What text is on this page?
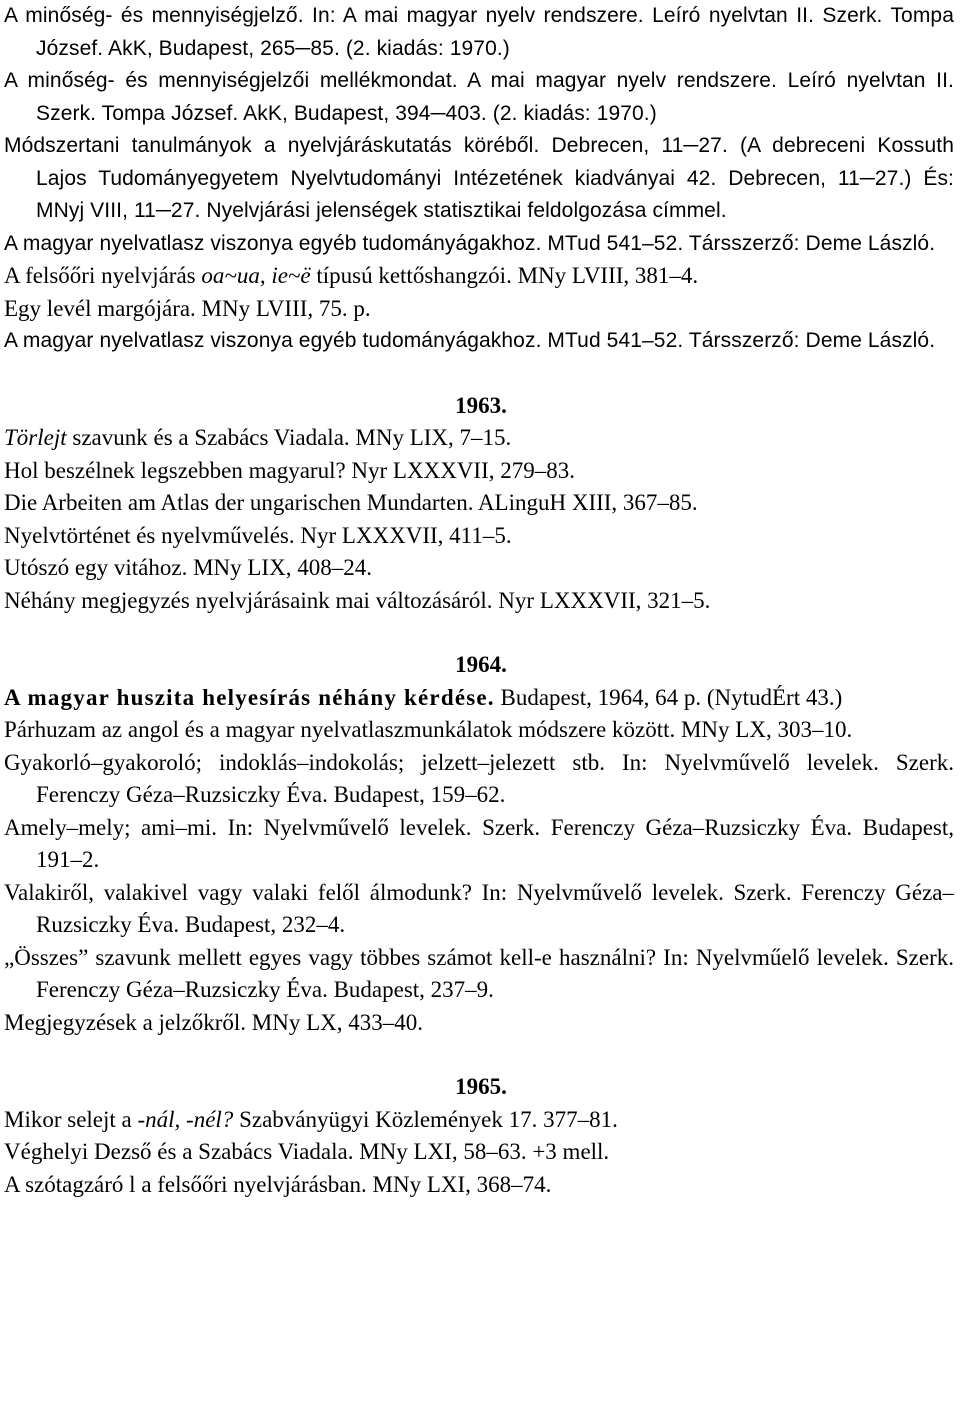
A minőség- és mennyiségjelző. In: A mai magyar nyelv rendszere. Leíró nyelvtan II. Szerk. Tompa József. AkK, Budapest, 265─85. (2. kiadás: 1970.)

A minőség- és mennyiségjelzői mellékmondat. A mai magyar nyelv rendszere. Leíró nyelvtan II. Szerk. Tompa József. AkK, Budapest, 394─403. (2. kiadás: 1970.)

Módszertani tanulmányok a nyelvjáráskutatás köréből. Debrecen, 11─27. (A debreceni Kossuth Lajos Tudományegyetem Nyelvtudományi Intézetének kiadványai 42. Debrecen, 11─27.) És: MNyj VIII, 11─27. Nyelvjárási jelenségek statisztikai feldolgozása címmel.

A magyar nyelvatlasz viszonya egyéb tudományágakhoz. MTud 541–52. Társszerző: Deme László.

A felsőőri nyelvjárás oa~ua, ie~ë típusú kettőshangzói. MNy LVIII, 381–4.

Egy levél margójára. MNy LVIII, 75. p.

A magyar nyelvatlasz viszonya egyéb tudományágakhoz. MTud 541–52. Társszerző: Deme László.

1963.

Törlejt szavunk és a Szabács Viadala. MNy LIX, 7–15.

Hol beszélnek legszebben magyarul? Nyr LXXXVII, 279–83.

Die Arbeiten am Atlas der ungarischen Mundarten. ALinguH XIII, 367–85.

Nyelvtörténet és nyelvművelés. Nyr LXXXVII, 411–5.

Utószó egy vitához. MNy LIX, 408–24.

Néhány megjegyzés nyelvjárásaink mai változásáról. Nyr LXXXVII, 321–5.

1964.

A magyar huszita helyesírás néhány kérdése. Budapest, 1964, 64 p. (NytudÉrt 43.)

Párhuzam az angol és a magyar nyelvatlaszmunkálatok módszere között. MNy LX, 303–10.

Gyakorló–gyakoroló; indoklás–indokolás; jelzett–jelezett stb. In: Nyelvművelő levelek. Szerk. Ferenczy Géza–Ruzsiczky Éva. Budapest, 159–62.

Amely–mely; ami–mi. In: Nyelvművelő levelek. Szerk. Ferenczy Géza–Ruzsiczky Éva. Budapest, 191–2.

Valakiről, valakivel vagy valaki felől álmodunk? In: Nyelvművelő levelek. Szerk. Ferenczy Géza–Ruzsiczky Éva. Budapest, 232–4.

„Összes” szavunk mellett egyes vagy többes számot kell-e használni? In: Nyelvműelő levelek. Szerk. Ferenczy Géza–Ruzsiczky Éva. Budapest, 237–9.

Megjegyzések a jelzőkről. MNy LX, 433–40.

1965.

Mikor selejt a -nál, -nél? Szabványügyi Közlemények 17. 377–81.

Véghelyi Dezső és a Szabács Viadala. MNy LXI, 58–63. +3 mell.

A szótagzáró l a felsőőri nyelvjárásban. MNy LXI, 368–74.
